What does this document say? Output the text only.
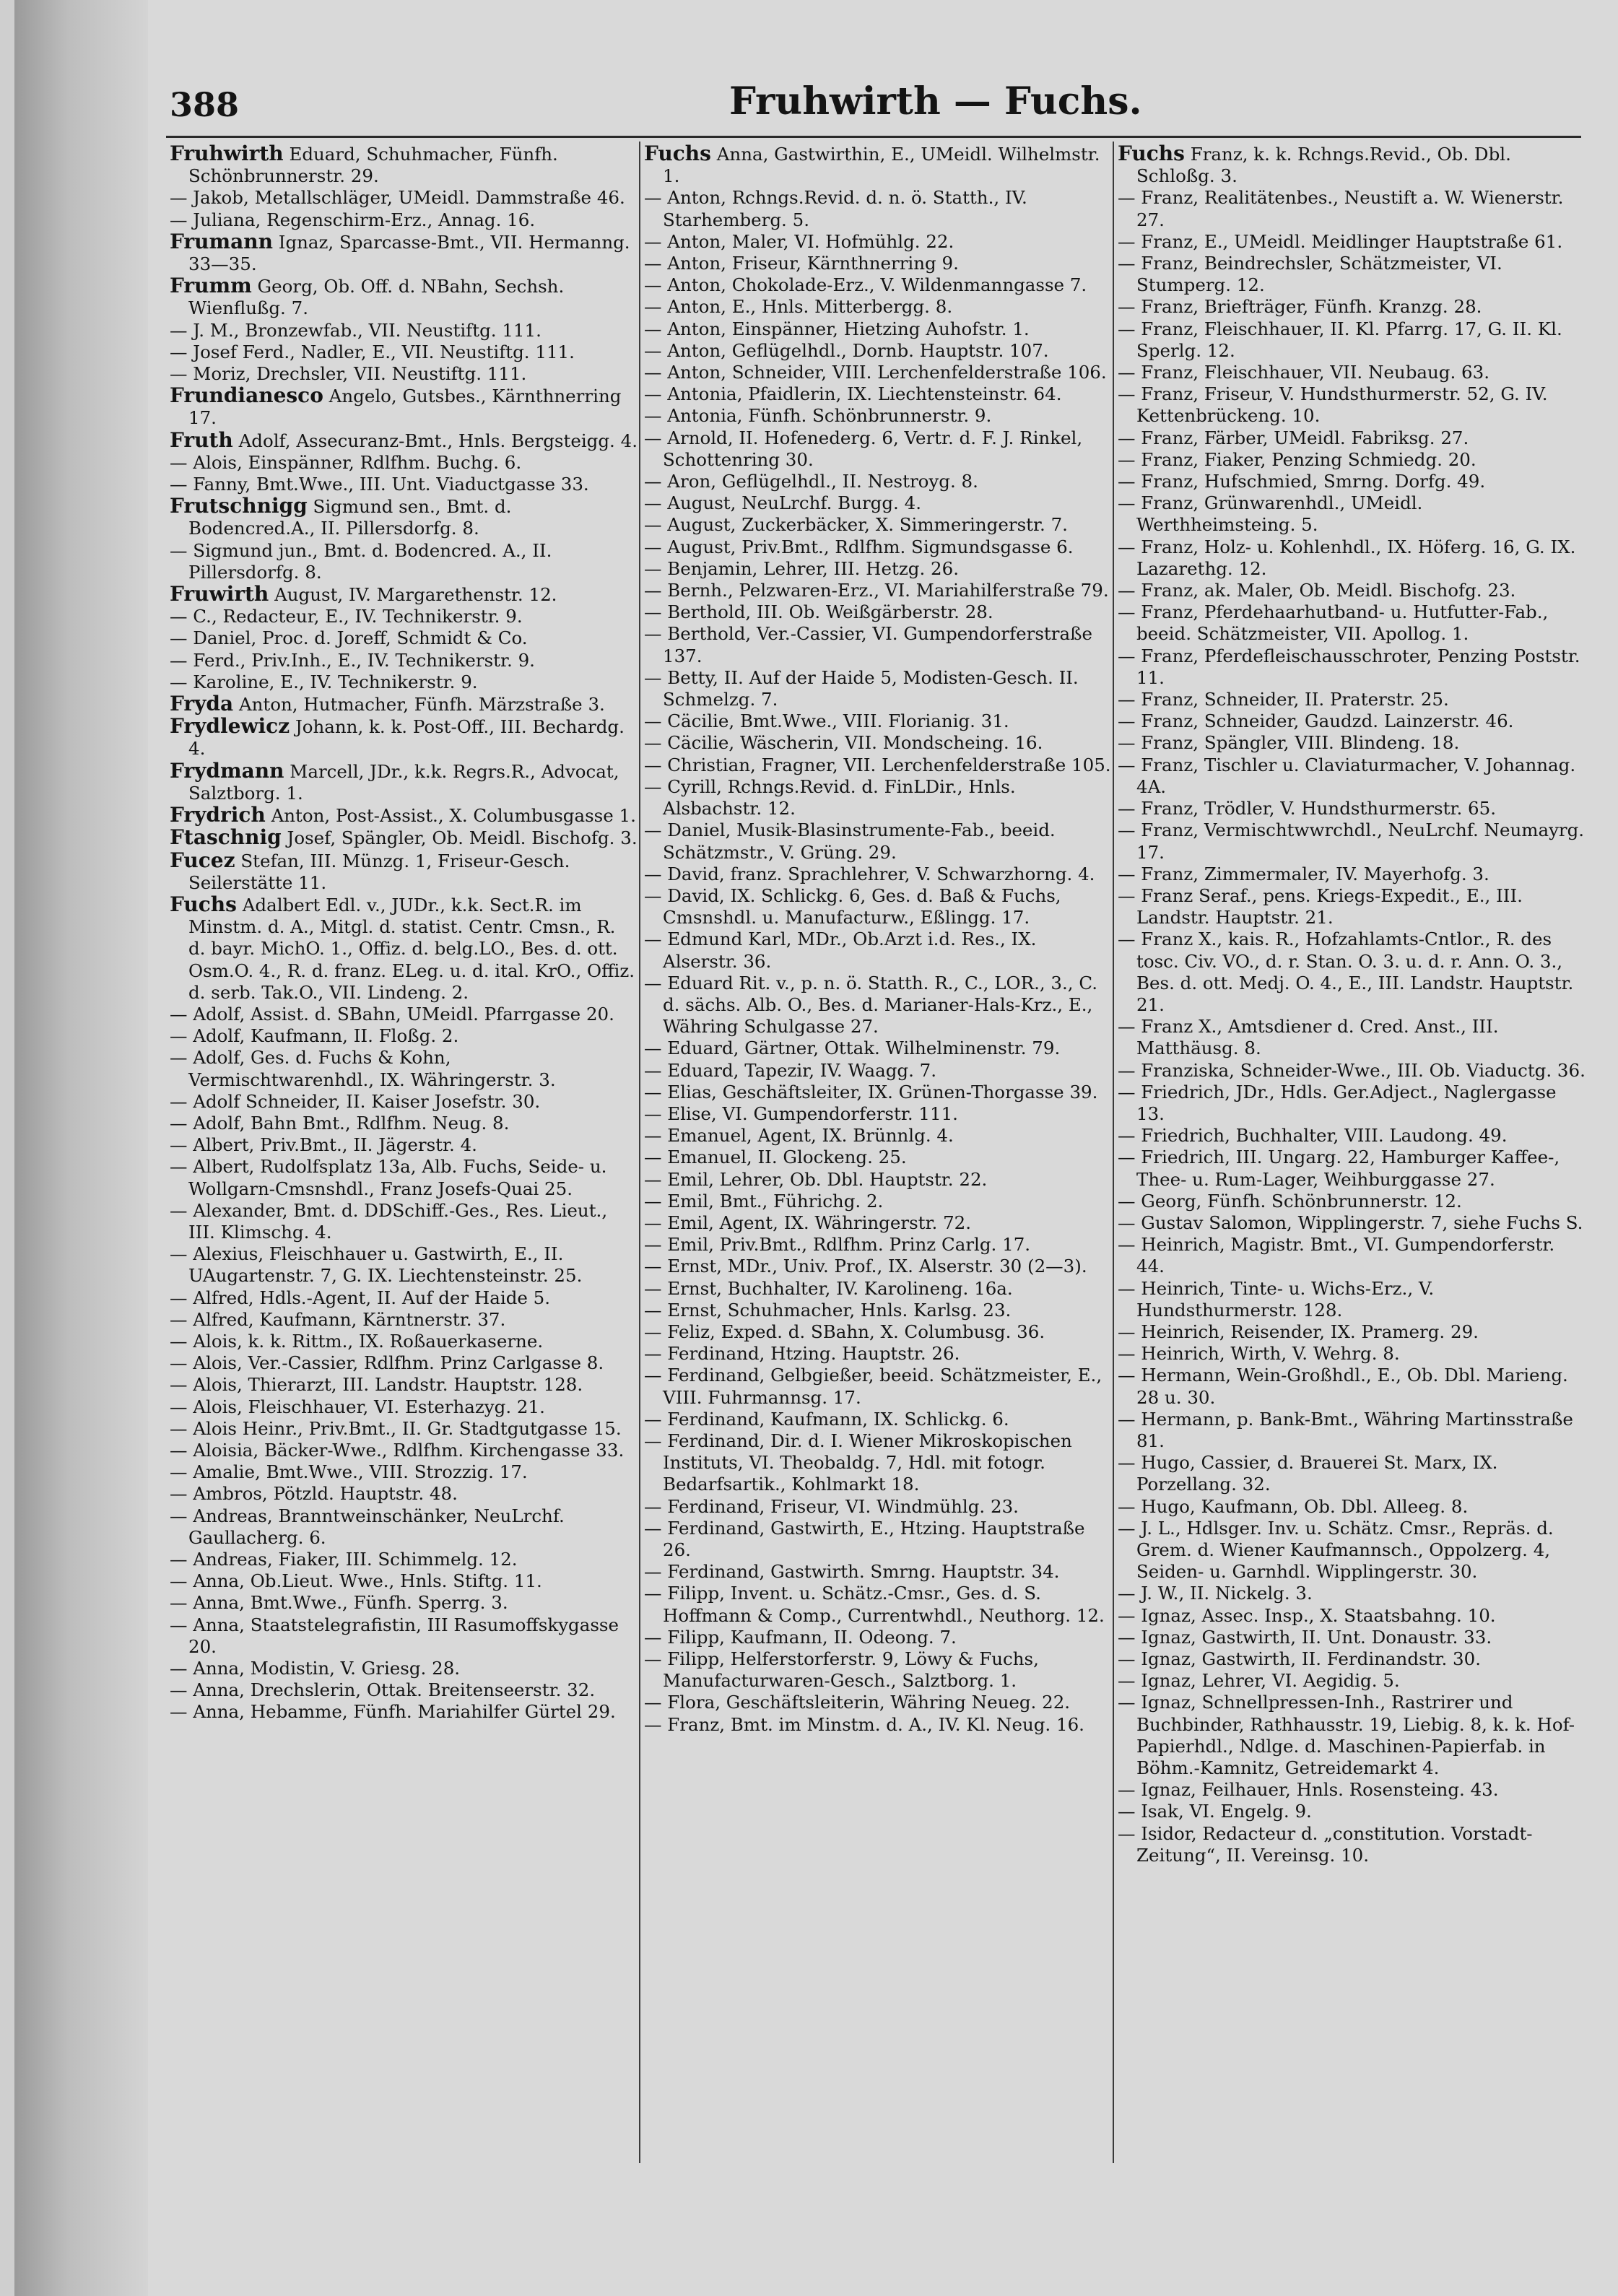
388	Fruhwirth — Fuchs.

Fruhwirth Eduard, Schuhmacher, Fünfh. Schönbrunnerstr. 29.

— Jakob, Metallschläger, UMeidl. Dammstraße 46.

— Juliana, Regenschirm-Erz., Annag. 16.

Frumann Ignaz, Sparcasse-Bmt., VII. Hermanng. 33—35.

Frumm Georg, Ob. Off. d. NBahn, Sechsh. Wienflußg. 7.

— J. M., Bronzewfab., VII. Neustiftg. 111.

— Josef Ferd., Nadler, E., VII. Neustiftg. 111.

— Moriz, Drechsler, VII. Neustiftg. 111.

Frundianesco Angelo, Gutsbes., Kärnthnerring 17.

Fruth Adolf, Assecuranz-Bmt., Hnls. Bergsteigg. 4.

— Alois, Einspänner, Rdlfhm. Buchg. 6.

— Fanny, Bmt.Wwe., III. Unt. Viaductgasse 33.

Frutschnigg Sigmund sen., Bmt. d. Bodencred.A., II. Pillersdorfg. 8.

— Sigmund jun., Bmt. d. Bodencred. A., II. Pillersdorfg. 8.

Fruwirth August, IV. Margarethenstr. 12.

— C., Redacteur, E., IV. Technikerstr. 9.

— Daniel, Proc. d. Joreff, Schmidt & Co.

— Ferd., Priv.Inh., E., IV. Technikerstr. 9.

— Karoline, E., IV. Technikerstr. 9.

Fryda Anton, Hutmacher, Fünfh. Märzstraße 3.

Frydlewicz Johann, k. k. Post-Off., III. Bechardg. 4.

Frydmann Marcell, JDr., k.k. Regrs.R., Advocat, Salztborg. 1.

Frydrich Anton, Post-Assist., X. Columbusgasse 1.

Ftaschnig Josef, Spängler, Ob. Meidl. Bischofg. 3.

Fucez Stefan, III. Münzg. 1, Friseur-Gesch. Seilerstätte 11.

Fuchs Adalbert Edl. v., JUDr., k.k. Sect.R. im Minstm. d. A., Mitgl. d. statist. Centr. Cmsn., R. d. bayr. MichO. 1., Offiz. d. belg.LO., Bes. d. ott. Osm.O. 4., R. d. franz. ELeg. u. d. ital. KrO., Offiz. d. serb. Tak.O., VII. Lindeng. 2.

— Adolf, Assist. d. SBahn, UMeidl. Pfarrgasse 20.

— Adolf, Kaufmann, II. Floßg. 2.

— Adolf, Ges. d. Fuchs & Kohn, Vermischtwarenhdl., IX. Währingerstr. 3.

— Adolf Schneider, II. Kaiser Josefstr. 30.

— Adolf, Bahn Bmt., Rdlfhm. Neug. 8.

— Albert, Priv.Bmt., II. Jägerstr. 4.

— Albert, Rudolfsplatz 13a, Alb. Fuchs, Seide- u. Wollgarn-Cmsnshdl., Franz Josefs-Quai 25.

— Alexander, Bmt. d. DDSchiff.-Ges., Res. Lieut., III. Klimschg. 4.

— Alexius, Fleischhauer u. Gastwirth, E., II. UAugartenstr. 7, G. IX. Liechtensteinstr. 25.

— Alfred, Hdls.-Agent, II. Auf der Haide 5.

— Alfred, Kaufmann, Kärntnerstr. 37.

— Alois, k. k. Rittm., IX. Roßauerkaserne.

— Alois, Ver.-Cassier, Rdlfhm. Prinz Carlgasse 8.

— Alois, Thierarzt, III. Landstr. Hauptstr. 128.

— Alois, Fleischhauer, VI. Esterhazyg. 21.

— Alois Heinr., Priv.Bmt., II. Gr. Stadtgutgasse 15.

— Aloisia, Bäcker-Wwe., Rdlfhm. Kirchengasse 33.

— Amalie, Bmt.Wwe., VIII. Strozzig. 17.

— Ambros, Pötzld. Hauptstr. 48.

— Andreas, Branntweinschänker, NeuLrchf. Gaullacherg. 6.

— Andreas, Fiaker, III. Schimmelg. 12.

— Anna, Ob.Lieut. Wwe., Hnls. Stiftg. 11.

— Anna, Bmt.Wwe., Fünfh. Sperrg. 3.

— Anna, Staatstelegrafistin, III Rasumoffskygasse 20.

— Anna, Modistin, V. Griesg. 28.

— Anna, Drechslerin, Ottak. Breitenseerstr. 32.

— Anna, Hebamme, Fünfh. Mariahilfer Gürtel 29.

Fuchs Anna, Gastwirthin, E., UMeidl. Wilhelmstr. 1.

— Anton, Rchngs.Revid. d. n. ö. Statth., IV. Starhemberg. 5.

— Anton, Maler, VI. Hofmühlg. 22.

— Anton, Friseur, Kärnthnerring 9.

— Anton, Chokolade-Erz., V. Wildenmanngasse 7.

— Anton, E., Hnls. Mitterbergg. 8.

— Anton, Einspänner, Hietzing Auhofstr. 1.

— Anton, Geflügelhdl., Dornb. Hauptstr. 107.

— Anton, Schneider, VIII. Lerchenfelderstraße 106.

— Antonia, Pfaidlerin, IX. Liechtensteinstr. 64.

— Antonia, Fünfh. Schönbrunnerstr. 9.

— Arnold, II. Hofenederg. 6, Vertr. d. F. J. Rinkel, Schottenring 30.

— Aron, Geflügelhdl., II. Nestroyg. 8.

— August, NeuLrchf. Burgg. 4.

— August, Zuckerbäcker, X. Simmeringerstr. 7.

— August, Priv.Bmt., Rdlfhm. Sigmundsgasse 6.

— Benjamin, Lehrer, III. Hetzg. 26.

— Bernh., Pelzwaren-Erz., VI. Mariahilferstraße 79.

— Berthold, III. Ob. Weißgärberstr. 28.

— Berthold, Ver.-Cassier, VI. Gumpendorferstraße 137.

— Betty, II. Auf der Haide 5, Modisten-Gesch. II. Schmelzg. 7.

— Cäcilie, Bmt.Wwe., VIII. Florianig. 31.

— Cäcilie, Wäscherin, VII. Mondscheing. 16.

— Christian, Fragner, VII. Lerchenfelderstraße 105.

— Cyrill, Rchngs.Revid. d. FinLDir., Hnls. Alsbachstr. 12.

— Daniel, Musik-Blasinstrumente-Fab., beeid. Schätzmstr., V. Grüng. 29.

— David, franz. Sprachlehrer, V. Schwarzhorng. 4.

— David, IX. Schlickg. 6, Ges. d. Baß & Fuchs, Cmsnshdl. u. Manufacturw., Eßlingg. 17.

— Edmund Karl, MDr., Ob.Arzt i.d. Res., IX. Alserstr. 36.

— Eduard Rit. v., p. n. ö. Statth. R., C., LOR., 3., C. d. sächs. Alb. O., Bes. d. Marianer-Hals-Krz., E., Währing Schulgasse 27.

— Eduard, Gärtner, Ottak. Wilhelminenstr. 79.

— Eduard, Tapezir, IV. Waagg. 7.

— Elias, Geschäftsleiter, IX. Grünen-Thorgasse 39.

— Elise, VI. Gumpendorferstr. 111.

— Emanuel, Agent, IX. Brünnlg. 4.

— Emanuel, II. Glockeng. 25.

— Emil, Lehrer, Ob. Dbl. Hauptstr. 22.

— Emil, Bmt., Führichg. 2.

— Emil, Agent, IX. Währingerstr. 72.

— Emil, Priv.Bmt., Rdlfhm. Prinz Carlg. 17.

— Ernst, MDr., Univ. Prof., IX. Alserstr. 30 (2—3).

— Ernst, Buchhalter, IV. Karolineng. 16a.

— Ernst, Schuhmacher, Hnls. Karlsg. 23.

— Feliz, Exped. d. SBahn, X. Columbusg. 36.

— Ferdinand, Htzing. Hauptstr. 26.

— Ferdinand, Gelbgießer, beeid. Schätzmeister, E., VIII. Fuhrmannsg. 17.

— Ferdinand, Kaufmann, IX. Schlickg. 6.

— Ferdinand, Dir. d. I. Wiener Mikroskopischen Instituts, VI. Theobaldg. 7, Hdl. mit fotogr. Bedarfsartik., Kohlmarkt 18.

— Ferdinand, Friseur, VI. Windmühlg. 23.

— Ferdinand, Gastwirth, E., Htzing. Hauptstraße 26.

— Ferdinand, Gastwirth. Smrng. Hauptstr. 34.

— Filipp, Invent. u. Schätz.-Cmsr., Ges. d. S. Hoffmann & Comp., Currentwhdl., Neuthorg. 12.

— Filipp, Kaufmann, II. Odeong. 7.

— Filipp, Helferstorferstr. 9, Löwy & Fuchs, Manufacturwaren-Gesch., Salztborg. 1.

— Flora, Geschäftsleiterin, Währing Neueg. 22.

— Franz, Bmt. im Minstm. d. A., IV. Kl. Neug. 16.

Fuchs Franz, k. k. Rchngs.Revid., Ob. Dbl. Schloßg. 3.

— Franz, Realitätenbes., Neustift a. W. Wienerstr. 27.

— Franz, E., UMeidl. Meidlinger Hauptstraße 61.

— Franz, Beindrechsler, Schätzmeister, VI. Stumperg. 12.

— Franz, Briefträger, Fünfh. Kranzg. 28.

— Franz, Fleischhauer, II. Kl. Pfarrg. 17, G. II. Kl. Sperlg. 12.

— Franz, Fleischhauer, VII. Neubaug. 63.

— Franz, Friseur, V. Hundsthurmerstr. 52, G. IV. Kettenbrückeng. 10.

— Franz, Färber, UMeidl. Fabriksg. 27.

— Franz, Fiaker, Penzing Schmiedg. 20.

— Franz, Hufschmied, Smrng. Dorfg. 49.

— Franz, Grünwarenhdl., UMeidl. Werthheimsteing. 5.

— Franz, Holz- u. Kohlenhdl., IX. Höferg. 16, G. IX. Lazarethg. 12.

— Franz, ak. Maler, Ob. Meidl. Bischofg. 23.

— Franz, Pferdehaarhutband- u. Hutfutter-Fab., beeid. Schätzmeister, VII. Apollog. 1.

— Franz, Pferdefleischausschroter, Penzing Poststr. 11.

— Franz, Schneider, II. Praterstr. 25.

— Franz, Schneider, Gaudzd. Lainzerstr. 46.

— Franz, Spängler, VIII. Blindeng. 18.

— Franz, Tischler u. Claviaturmacher, V. Johannag. 4A.

— Franz, Trödler, V. Hundsthurmerstr. 65.

— Franz, Vermischtwwrchdl., NeuLrchf. Neumayrg. 17.

— Franz, Zimmermaler, IV. Mayerhofg. 3.

— Franz Seraf., pens. Kriegs-Expedit., E., III. Landstr. Hauptstr. 21.

— Franz X., kais. R., Hofzahlamts-Cntlor., R. des tosc. Civ. VO., d. r. Stan. O. 3. u. d. r. Ann. O. 3., Bes. d. ott. Medj. O. 4., E., III. Landstr. Hauptstr. 21.

— Franz X., Amtsdiener d. Cred. Anst., III. Matthäusg. 8.

— Franziska, Schneider-Wwe., III. Ob. Viaductg. 36.

— Friedrich, JDr., Hdls. Ger.Adject., Naglergasse 13.

— Friedrich, Buchhalter, VIII. Laudong. 49.

— Friedrich, III. Ungarg. 22, Hamburger Kaffee-, Thee- u. Rum-Lager, Weihburggasse 27.

— Georg, Fünfh. Schönbrunnerstr. 12.

— Gustav Salomon, Wipplingerstr. 7, siehe Fuchs S.

— Heinrich, Magistr. Bmt., VI. Gumpendorferstr. 44.

— Heinrich, Tinte- u. Wichs-Erz., V. Hundsthurmerstr. 128.

— Heinrich, Reisender, IX. Pramerg. 29.

— Heinrich, Wirth, V. Wehrg. 8.

— Hermann, Wein-Großhdl., E., Ob. Dbl. Marieng. 28 u. 30.

— Hermann, p. Bank-Bmt., Währing Martinsstraße 81.

— Hugo, Cassier, d. Brauerei St. Marx, IX. Porzellang. 32.

— Hugo, Kaufmann, Ob. Dbl. Alleeg. 8.

— J. L., Hdlsger. Inv. u. Schätz. Cmsr., Repräs. d. Grem. d. Wiener Kaufmannsch., Oppolzerg. 4, Seiden- u. Garnhdl. Wipplingerstr. 30.

— J. W., II. Nickelg. 3.

— Ignaz, Assec. Insp., X. Staatsbahng. 10.

— Ignaz, Gastwirth, II. Unt. Donaustr. 33.

— Ignaz, Gastwirth, II. Ferdinandstr. 30.

— Ignaz, Lehrer, VI. Aegidig. 5.

— Ignaz, Schnellpressen-Inh., Rastrirer und Buchbinder, Rathhausstr. 19, Liebig. 8, k. k. Hof-Papierhdl., Ndlge. d. Maschinen-Papierfab. in Böhm.-Kamnitz, Getreidemarkt 4.

— Ignaz, Feilhauer, Hnls. Rosensteing. 43.

— Isak, VI. Engelg. 9.

— Isidor, Redacteur d. „constitution. Vorstadt-Zeitung“, II. Vereinsg. 10.
